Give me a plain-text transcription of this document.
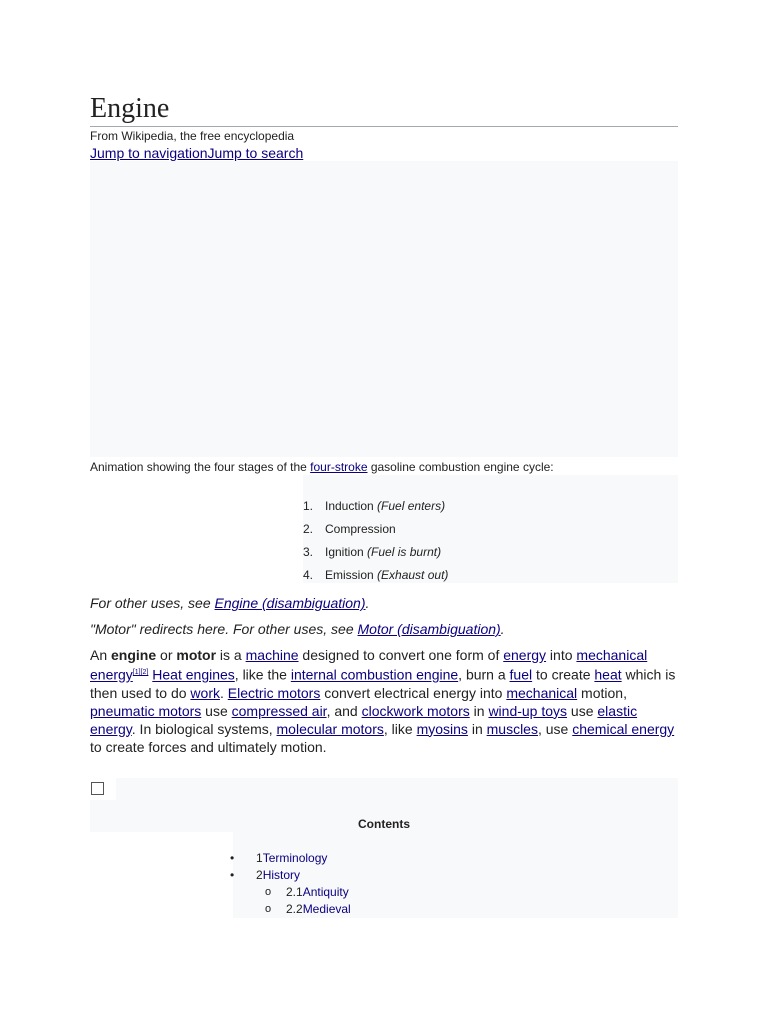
Engine
From Wikipedia, the free encyclopedia
Jump to navigationJump to search
Animation showing the four stages of the four-stroke gasoline combustion engine cycle:
1. Induction (Fuel enters)
2. Compression
3. Ignition (Fuel is burnt)
4. Emission (Exhaust out)
For other uses, see Engine (disambiguation).
"Motor" redirects here. For other uses, see Motor (disambiguation).

An engine or motor is a machine designed to convert one form of energy into mechanical energy[1][2] Heat engines, like the internal combustion engine, burn a fuel to create heat which is then used to do work. Electric motors convert electrical energy into mechanical motion, pneumatic motors use compressed air, and clockwork motors in wind-up toys use elastic energy. In biological systems, molecular motors, like myosins in muscles, use chemical energy to create forces and ultimately motion.

Contents
• 1Terminology
• 2History
o 2.1Antiquity
o 2.2Medieval
